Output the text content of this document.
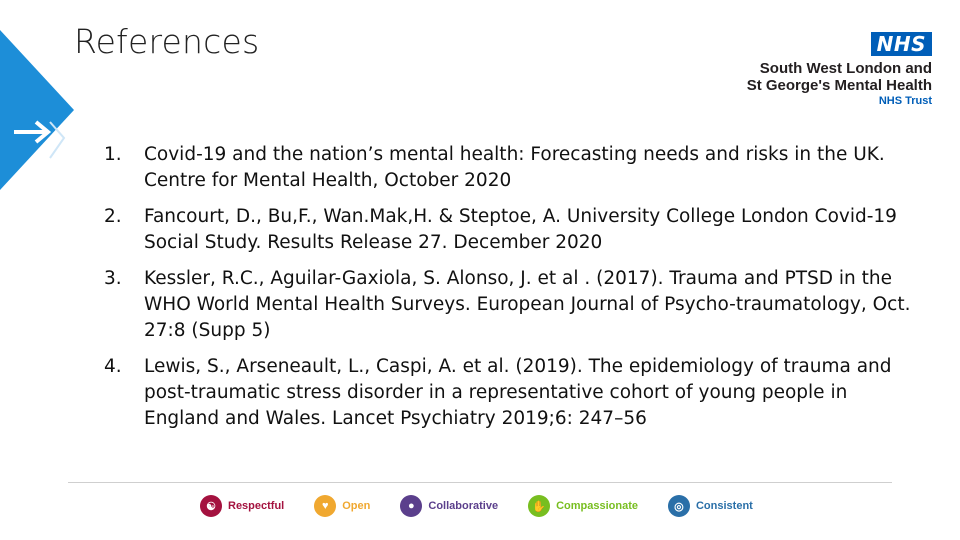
References	NHS
South West London and
St George's Mental Health
NHS Trust
1. Covid-19 and the nation’s mental health: Forecasting needs and risks in the UK. Centre for Mental Health, October 2020
2. Fancourt, D., Bu,F., Wan.Mak,H. & Steptoe, A. University College London Covid-19 Social Study. Results Release 27. December 2020
3. Kessler, R.C., Aguilar-Gaxiola, S. Alonso, J. et al . (2017). Trauma and PTSD in the WHO World Mental Health Surveys. European Journal of Psycho-traumatology, Oct. 27:8 (Supp 5)
4. Lewis, S., Arseneault, L., Caspi, A. et al. (2019). The epidemiology of trauma and post-traumatic stress disorder in a representative cohort of young people in England and Wales. Lancet Psychiatry 2019;6: 247–56
☯	Respectful	♥	Open	●	Collaborative	✋ Compassionate	◎	Consistent
